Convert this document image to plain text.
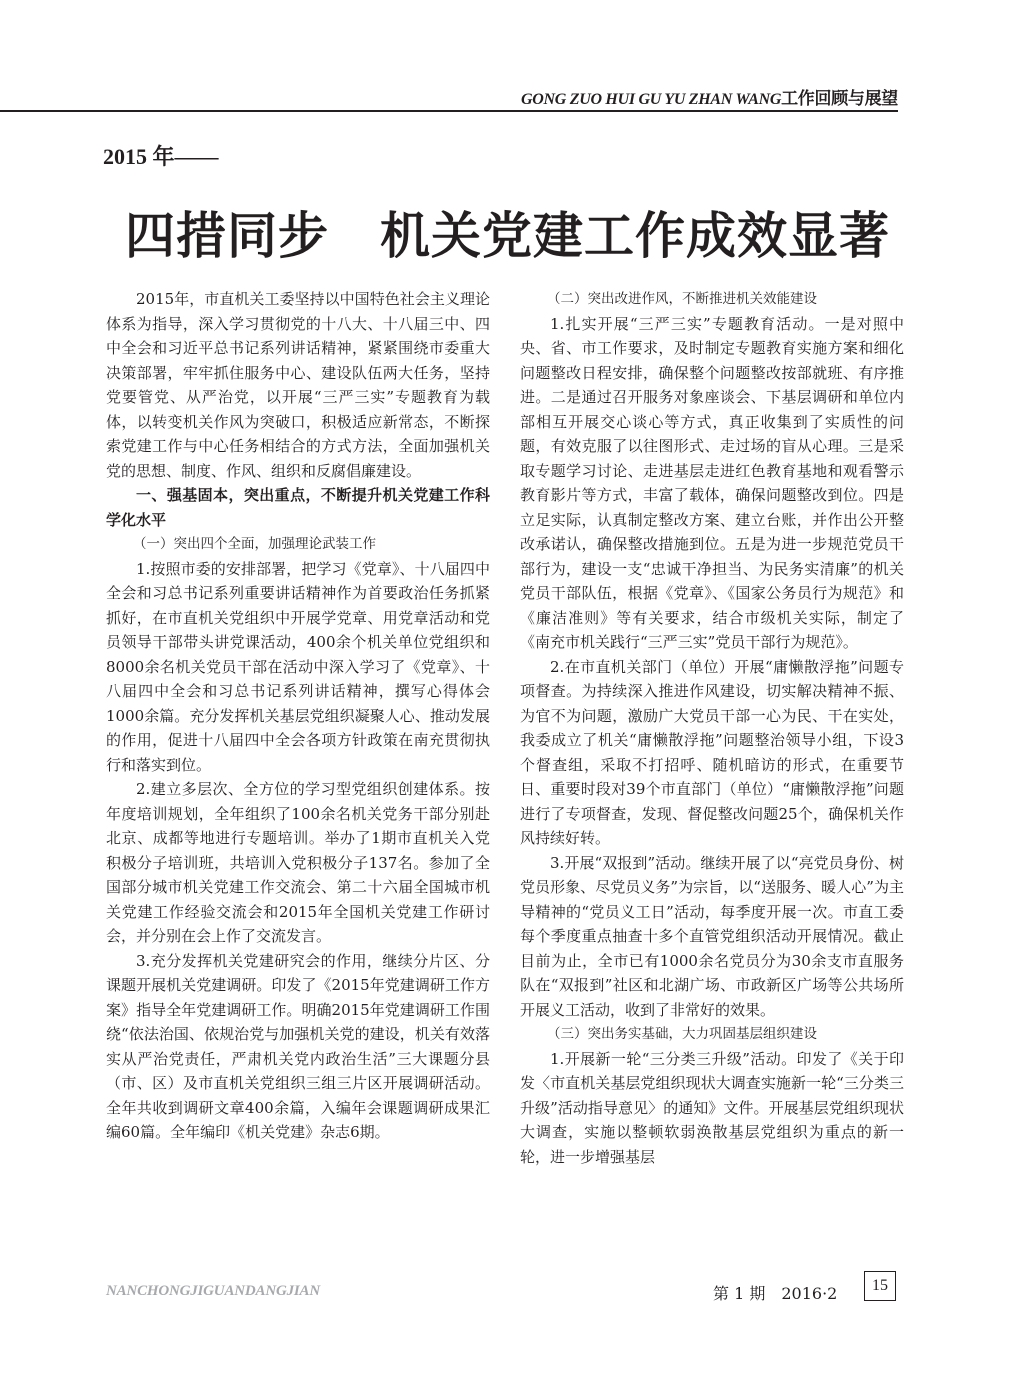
GONG ZUO HUI GU YU ZHAN WANG工作回顾与展望
2015 年——
四措同步　机关党建工作成效显著

2015年，市直机关工委坚持以中国特色社会主义理论体系为指导，深入学习贯彻党的十八大、十八届三中、四中全会和习近平总书记系列讲话精神，紧紧围绕市委重大决策部署，牢牢抓住服务中心、建设队伍两大任务，坚持党要管党、从严治党，以开展“三严三实”专题教育为载体，以转变机关作风为突破口，积极适应新常态，不断探索党建工作与中心任务相结合的方式方法，全面加强机关党的思想、制度、作风、组织和反腐倡廉建设。

一、强基固本，突出重点，不断提升机关党建工作科学化水平

（一）突出四个全面，加强理论武装工作

1.按照市委的安排部署，把学习《党章》、十八届四中全会和习总书记系列重要讲话精神作为首要政治任务抓紧抓好，在市直机关党组织中开展学党章、用党章活动和党员领导干部带头讲党课活动，400余个机关单位党组织和8000余名机关党员干部在活动中深入学习了《党章》、十八届四中全会和习总书记系列讲话精神，撰写心得体会1000余篇。充分发挥机关基层党组织凝聚人心、推动发展的作用，促进十八届四中全会各项方针政策在南充贯彻执行和落实到位。

2.建立多层次、全方位的学习型党组织创建体系。按年度培训规划，全年组织了100余名机关党务干部分别赴北京、成都等地进行专题培训。举办了1期市直机关入党积极分子培训班，共培训入党积极分子137名。参加了全国部分城市机关党建工作交流会、第二十六届全国城市机关党建工作经验交流会和2015年全国机关党建工作研讨会，并分别在会上作了交流发言。

3.充分发挥机关党建研究会的作用，继续分片区、分课题开展机关党建调研。印发了《2015年党建调研工作方案》指导全年党建调研工作。明确2015年党建调研工作围绕“依法治国、依规治党与加强机关党的建设，机关有效落实从严治党责任，严肃机关党内政治生活”三大课题分县（市、区）及市直机关党组织三组三片区开展调研活动。全年共收到调研文章400余篇，入编年会课题调研成果汇编60篇。全年编印《机关党建》杂志6期。

（二）突出改进作风，不断推进机关效能建设

1.扎实开展“三严三实”专题教育活动。一是对照中央、省、市工作要求，及时制定专题教育实施方案和细化问题整改日程安排，确保整个问题整改按部就班、有序推进。二是通过召开服务对象座谈会、下基层调研和单位内部相互开展交心谈心等方式，真正收集到了实质性的问题，有效克服了以往图形式、走过场的盲从心理。三是采取专题学习讨论、走进基层走进红色教育基地和观看警示教育影片等方式，丰富了载体，确保问题整改到位。四是立足实际，认真制定整改方案、建立台账，并作出公开整改承诺认，确保整改措施到位。五是为进一步规范党员干部行为，建设一支“忠诚干净担当、为民务实清廉”的机关党员干部队伍，根据《党章》、《国家公务员行为规范》和《廉洁准则》等有关要求，结合市级机关实际，制定了《南充市机关践行“三严三实”党员干部行为规范》。

2.在市直机关部门（单位）开展“庸懒散浮拖”问题专项督查。为持续深入推进作风建设，切实解决精神不振、为官不为问题，激励广大党员干部一心为民、干在实处，我委成立了机关“庸懒散浮拖”问题整治领导小组，下设3个督查组，采取不打招呼、随机暗访的形式，在重要节日、重要时段对39个市直部门（单位）“庸懒散浮拖”问题进行了专项督查，发现、督促整改问题25个，确保机关作风持续好转。

3.开展“双报到”活动。继续开展了以“亮党员身份、树党员形象、尽党员义务”为宗旨，以“送服务、暖人心”为主导精神的“党员义工日”活动，每季度开展一次。市直工委每个季度重点抽查十多个直管党组织活动开展情况。截止目前为止，全市已有1000余名党员分为30余支市直服务队在“双报到”社区和北湖广场、市政新区广场等公共场所开展义工活动，收到了非常好的效果。

（三）突出务实基础，大力巩固基层组织建设

1.开展新一轮“三分类三升级”活动。印发了《关于印发〈市直机关基层党组织现状大调查实施新一轮“三分类三升级”活动指导意见〉的通知》文件。开展基层党组织现状大调查，实施以整顿软弱涣散基层党组织为重点的新一轮，进一步增强基层

NANCHONGJIGUANDANGJIAN	第 1 期　2016·2	15
